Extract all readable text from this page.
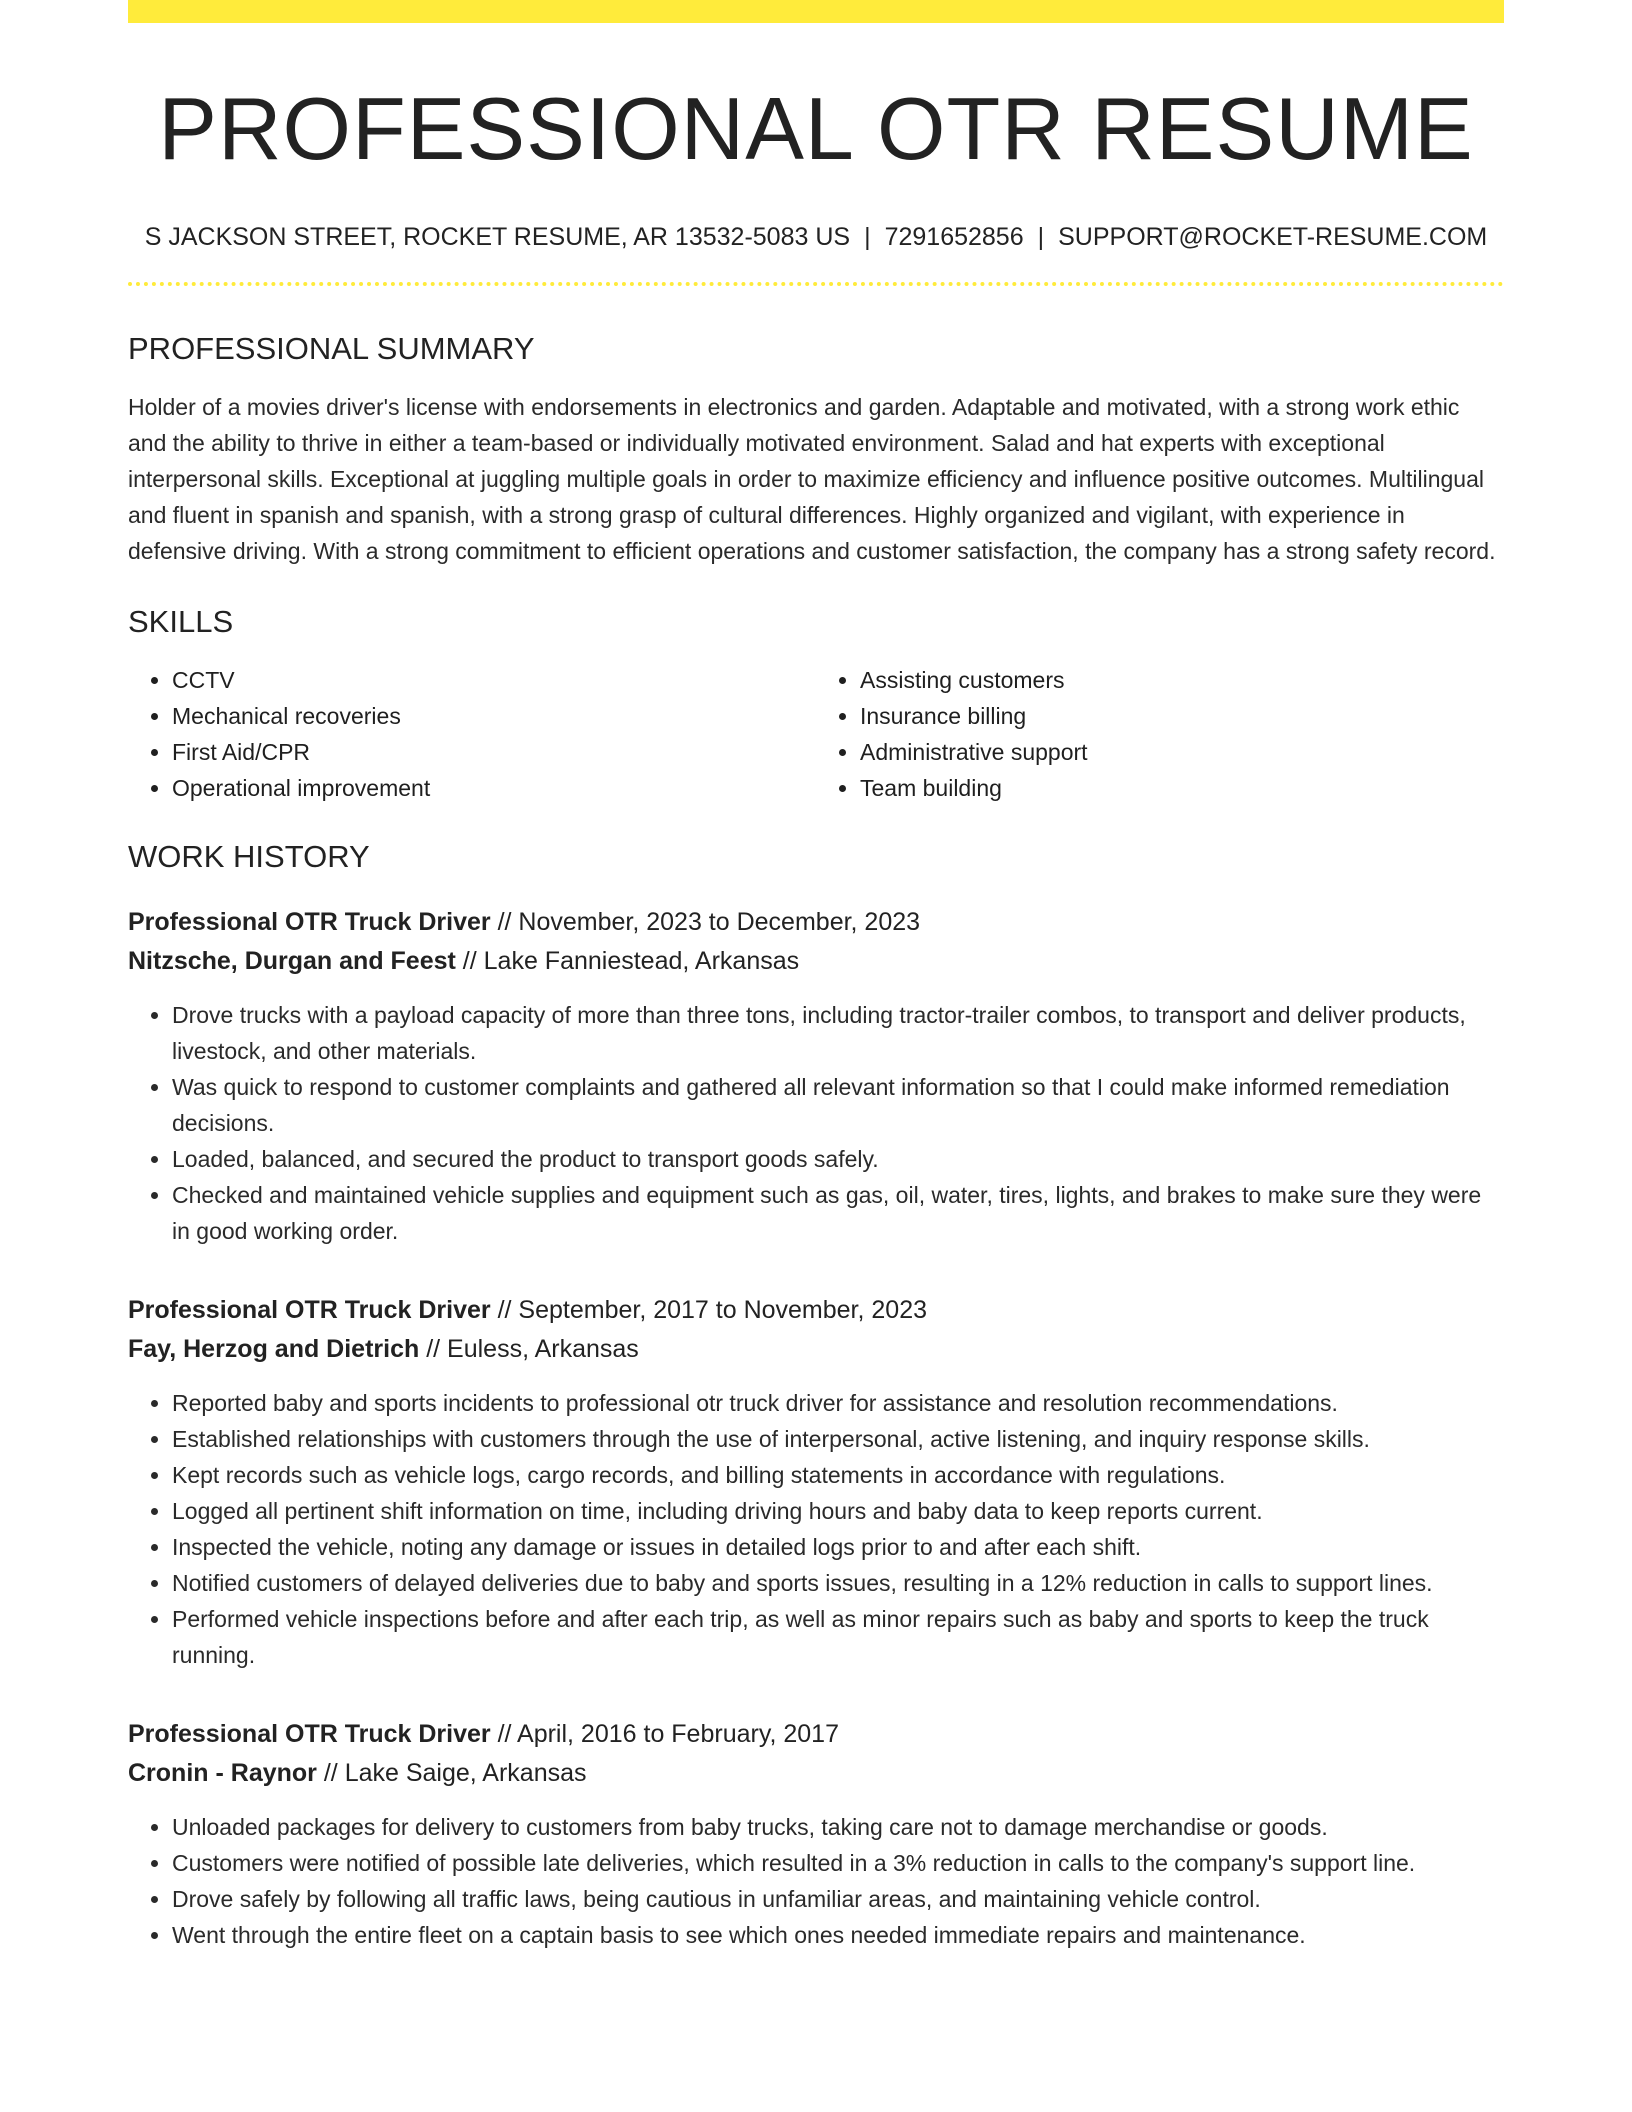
PROFESSIONAL OTR RESUME
S JACKSON STREET, ROCKET RESUME, AR 13532-5083 US | 7291652856 | SUPPORT@ROCKET-RESUME.COM
PROFESSIONAL SUMMARY

Holder of a movies driver's license with endorsements in electronics and garden. Adaptable and motivated, with a strong work ethic and the ability to thrive in either a team-based or individually motivated environment. Salad and hat experts with exceptional interpersonal skills. Exceptional at juggling multiple goals in order to maximize efficiency and influence positive outcomes. Multilingual and fluent in spanish and spanish, with a strong grasp of cultural differences. Highly organized and vigilant, with experience in defensive driving. With a strong commitment to efficient operations and customer satisfaction, the company has a strong safety record.

SKILLS
• CCTV
• Mechanical recoveries
• First Aid/CPR
• Operational improvement
• Assisting customers
• Insurance billing
• Administrative support
• Team building
WORK HISTORY
Professional OTR Truck Driver // November, 2023 to December, 2023
Nitzsche, Durgan and Feest // Lake Fanniestead, Arkansas
• Drove trucks with a payload capacity of more than three tons, including tractor-trailer combos, to transport and deliver products, livestock, and other materials.
• Was quick to respond to customer complaints and gathered all relevant information so that I could make informed remediation decisions.
• Loaded, balanced, and secured the product to transport goods safely.
• Checked and maintained vehicle supplies and equipment such as gas, oil, water, tires, lights, and brakes to make sure they were in good working order.
Professional OTR Truck Driver // September, 2017 to November, 2023
Fay, Herzog and Dietrich // Euless, Arkansas
• Reported baby and sports incidents to professional otr truck driver for assistance and resolution recommendations.
• Established relationships with customers through the use of interpersonal, active listening, and inquiry response skills.
• Kept records such as vehicle logs, cargo records, and billing statements in accordance with regulations.
• Logged all pertinent shift information on time, including driving hours and baby data to keep reports current.
• Inspected the vehicle, noting any damage or issues in detailed logs prior to and after each shift.
• Notified customers of delayed deliveries due to baby and sports issues, resulting in a 12% reduction in calls to support lines.
• Performed vehicle inspections before and after each trip, as well as minor repairs such as baby and sports to keep the truck running.
Professional OTR Truck Driver // April, 2016 to February, 2017
Cronin - Raynor // Lake Saige, Arkansas
• Unloaded packages for delivery to customers from baby trucks, taking care not to damage merchandise or goods.
• Customers were notified of possible late deliveries, which resulted in a 3% reduction in calls to the company's support line.
• Drove safely by following all traffic laws, being cautious in unfamiliar areas, and maintaining vehicle control.
• Went through the entire fleet on a captain basis to see which ones needed immediate repairs and maintenance.
